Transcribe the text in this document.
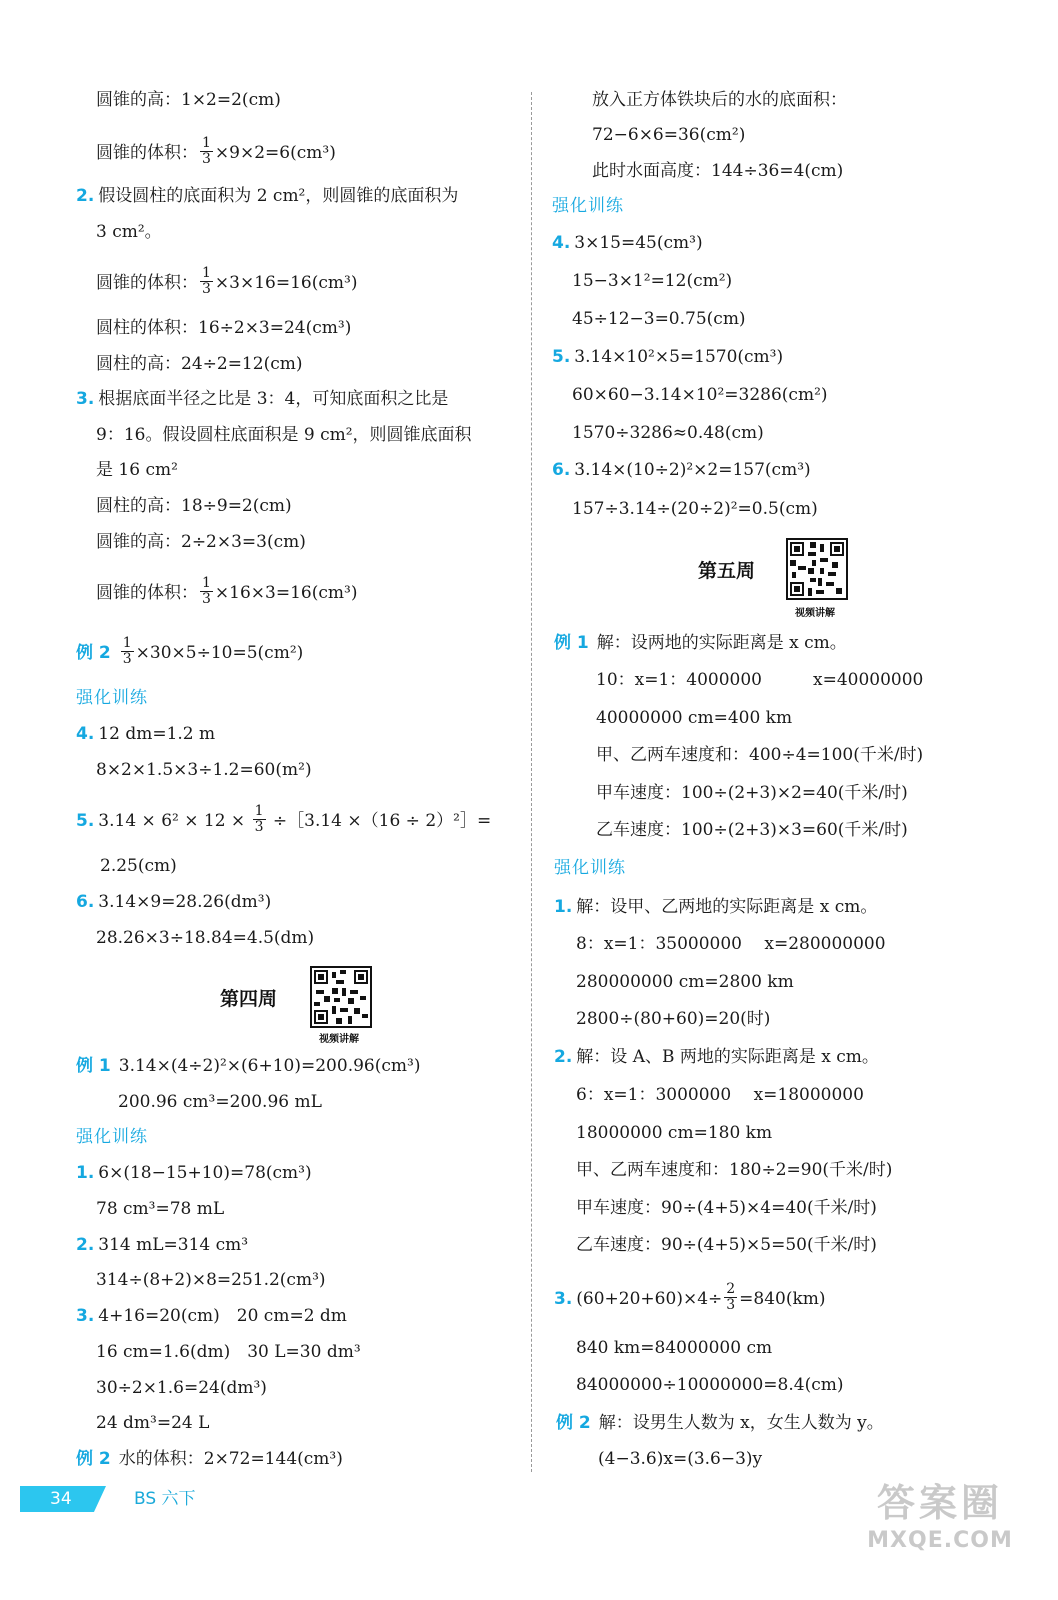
圆锥的高：1×2=2(cm)
圆锥的体积： $\frac{1}{3} \times 9\times 2=6(cm^3)$
2. 假设圆柱的底面积为 2 cm²，则圆锥的底面积为
3 cm²。
圆锥的体积： $\frac{1}{3} \times 3\times 16=16(cm^3)$
圆柱的体积：16÷2×3=24(cm³)
圆柱的高：24÷2=12(cm)
3. 根据底面半径之比是 3：4，可知底面积之比是
9：16。假设圆柱底面积是 9 cm²，则圆锥底面积
是 16 cm²
圆柱的高：18÷9=2(cm)
圆锥的高：2÷2×3=3(cm)
圆锥的体积： $\frac{1}{3} \times 16\times 3=16(cm^3)$
例 $2 \frac{1}{3} \times 30\times 5\div 10=5(cm^2)$
强化训练
4. 12 dm=1.2 m
8×2×1.5×3÷1.2=60(m²)
5. $3.14 \times 6^2 \times 12 \times \frac{1}{3}$ ÷［3.14 ×（16 ÷ 2）²］=
2.25(cm)
6. 3.14×9=28.26(dm³)
28.26×3÷18.84=4.5(dm)
第四周
视频讲解
例 1 3.14×(4÷2)²×(6+10)=200.96(cm³)
200.96 cm³=200.96 mL
强化训练
1. 6×(18−15+10)=78(cm³)
78 cm³=78 mL
2. 314 mL=314 cm³
314÷(8+2)×8=251.2(cm³)
3. 4+16=20(cm)　20 cm=2 dm
16 cm=1.6(dm)　30 L=30 dm³
30÷2×1.6=24(dm³)
24 dm³=24 L
例 2 水的体积：2×72=144(cm³)
放入正方体铁块后的水的底面积：
72−6×6=36(cm²)
此时水面高度：144÷36=4(cm)
强化训练
4. 3×15=45(cm³)
15−3×1²=12(cm²)
45÷12−3=0.75(cm)
5. 3.14×10²×5=1570(cm³)
60×60−3.14×10²=3286(cm²)
1570÷3286≈0.48(cm)
6. 3.14×(10÷2)²×2=157(cm³)
157÷3.14÷(20÷2)²=0.5(cm)
第五周
视频讲解
例 1 解：设两地的实际距离是 x cm。
10：x=1：4000000　　　x=40000000
40000000 cm=400 km
甲、乙两车速度和：400÷4=100(千米/时)
甲车速度：100÷(2+3)×2=40(千米/时)
乙车速度：100÷(2+3)×3=60(千米/时)
强化训练
1. 解：设甲、乙两地的实际距离是 x cm。
8：x=1：35000000　 x=280000000
280000000 cm=2800 km
2800÷(80+60)=20(时)
2. 解：设 A、B 两地的实际距离是 x cm。
6：x=1：3000000　 x=18000000
18000000 cm=180 km
甲、乙两车速度和：180÷2=90(千米/时)
甲车速度：90÷(4+5)×4=40(千米/时)
乙车速度：90÷(4+5)×5=50(千米/时)
3. $(60+20+60)\times 4\div \frac{2}{3} =840(km)$
840 km=84000000 cm
84000000÷10000000=8.4(cm)
例 2 解：设男生人数为 x，女生人数为 y。
(4−3.6)x=(3.6−3)y
34	BS 六下	答案圈
MXQE.COM
